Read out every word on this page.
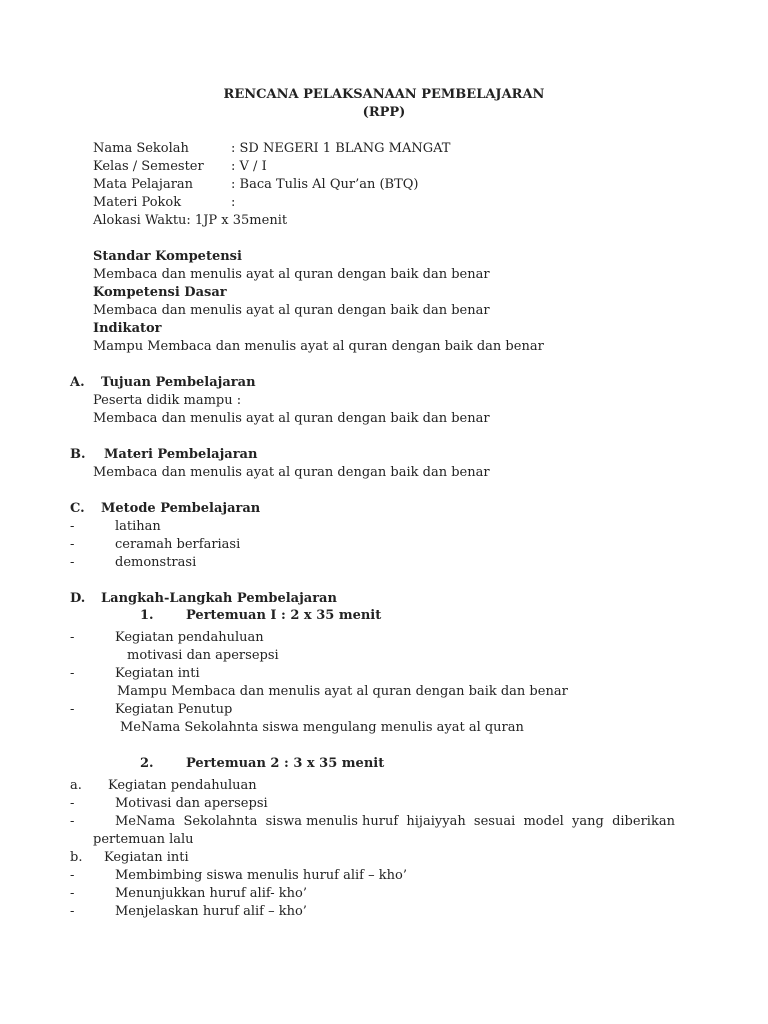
RENCANA PELAKSANAAN PEMBELAJARAN
(RPP)
Nama Sekolah	: SD NEGERI 1 BLANG MANGAT
Kelas / Semester : V / I
Mata Pelajaran	: Baca Tulis Al Qur’an (BTQ)
Materi Pokok	:
Alokasi Waktu: 1JP x 35menit
Standar Kompetensi
Membaca dan menulis ayat al quran dengan baik dan benar
Kompetensi Dasar
Membaca dan menulis ayat al quran dengan baik dan benar
Indikator
Mampu Membaca dan menulis ayat al quran dengan baik dan benar
A. Tujuan Pembelajaran
Peserta didik mampu :
Membaca dan menulis ayat al quran dengan baik dan benar
B. Materi Pembelajaran
Membaca dan menulis ayat al quran dengan baik dan benar
C. Metode Pembelajaran
-	latihan
-	ceramah berfariasi
-	demonstrasi
D. Langkah-Langkah Pembelajaran
1. Pertemuan I : 2 x 35 menit
-	Kegiatan pendahuluan
motivasi dan apersepsi
-	Kegiatan inti
Mampu Membaca dan menulis ayat al quran dengan baik dan benar
-	Kegiatan Penutup
MeNama Sekolahnta siswa mengulang menulis ayat al quran
2. Pertemuan 2 : 3 x 35 menit
a. Kegiatan pendahuluan
-	Motivasi dan apersepsi
-	MeNama Sekolahnta siswa menulis huruf hijaiyyah sesuai model yang diberikan
pertemuan lalu
b. Kegiatan inti
-	Membimbing siswa menulis huruf alif – kho’
-	Menunjukkan huruf alif- kho’
-	Menjelaskan huruf alif – kho’
